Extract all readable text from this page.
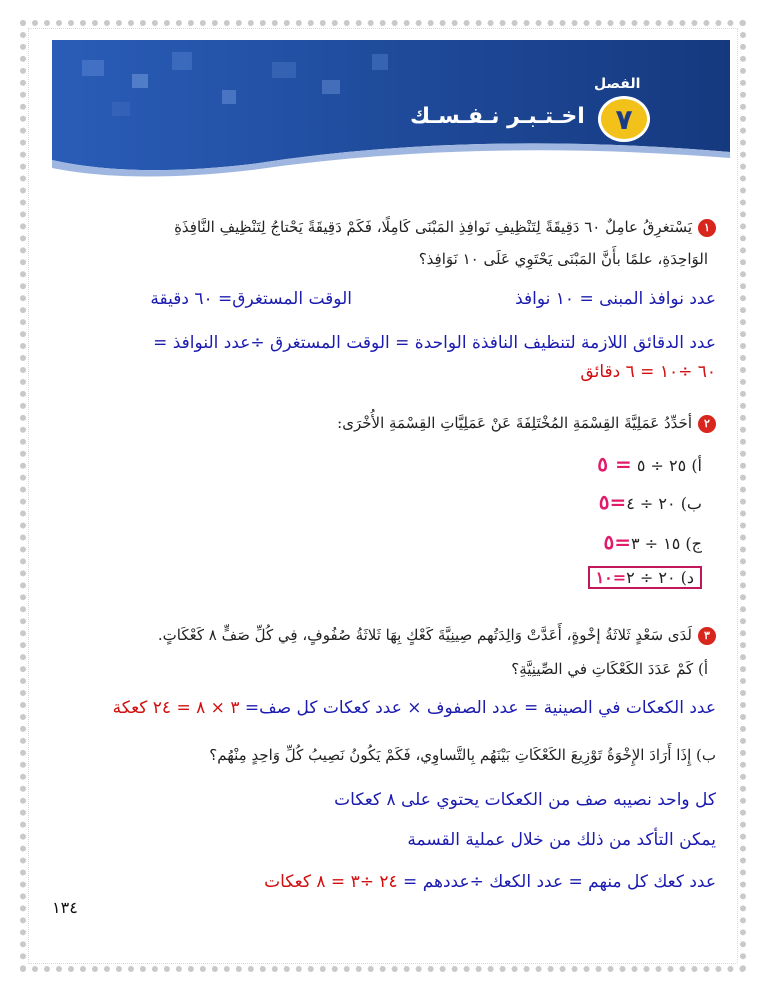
الفصل
٧
اخـتـبـر نـفـسـك
١يَسْتغرِقُ عامِلٌ ٦٠ دَقِيقَةً لِتَنْظِيفِ نَوافِذِ المَبْنَى كَامِلًا، فَكَمْ دَقِيقَةً يَحْتاجُ لِتَنْظِيفِ النَّافِذَةِ
الوَاحِدَةِ، علمًا بأَنَّ المَبْنَى يَحْتَوِي عَلَى ١٠ نَوَافِذ؟
عدد نوافذ المبنى = ١٠ نوافذ
الوقت المستغرق= ٦٠ دقيقة
عدد الدقائق اللازمة لتنظيف النافذة الواحدة = الوقت المستغرق ÷عدد النوافذ =
٦٠ ÷١٠ = ٦ دقائق
٢أحَدِّدُ عَمَلِيَّةَ القِسْمَةِ المُخْتَلِفَةَ عَنْ عَمَلِيَّاتِ القِسْمَةِ الأُخْرَى:
أ) ٢٥ ÷ ٥ = ٥
ب) ٢٠ ÷ ٤=٥
ج) ١٥ ÷ ٣=٥
د) ٢٠ ÷ ٢=١٠
٣لَدَى سَعْدٍ ثَلاثَةُ إخْوةٍ، أَعَدَّتْ وَالِدَتُهم صِينِيَّةَ كَعْكٍ بِهَا ثَلاثَةُ صُفُوفٍ، فِي كُلِّ صَفٍّ ٨ كَعْكَاتٍ.
أ) كَمْ عَدَدَ الكَعْكَاتِ في الصِّينِيَّةِ؟
عدد الكعكات في الصينية = عدد الصفوف × عدد كعكات كل صف= ٣ × ٨ = ٢٤ كعكة
ب) إِذَا أَرَادَ الإِخْوَةُ تَوْزِيعَ الكَعْكَاتِ بَيْنَهُم بِالتَّساوِي، فَكَمْ يَكُونُ نَصِيبُ كُلِّ وَاحِدٍ مِنْهُم؟
كل واحد نصيبه صف من الكعكات يحتوي على ٨ كعكات
يمكن التأكد من ذلك من خلال عملية القسمة
عدد كعك كل منهم = عدد الكعك ÷عددهم = ٢٤ ÷٣ = ٨ كعكات
١٣٤
